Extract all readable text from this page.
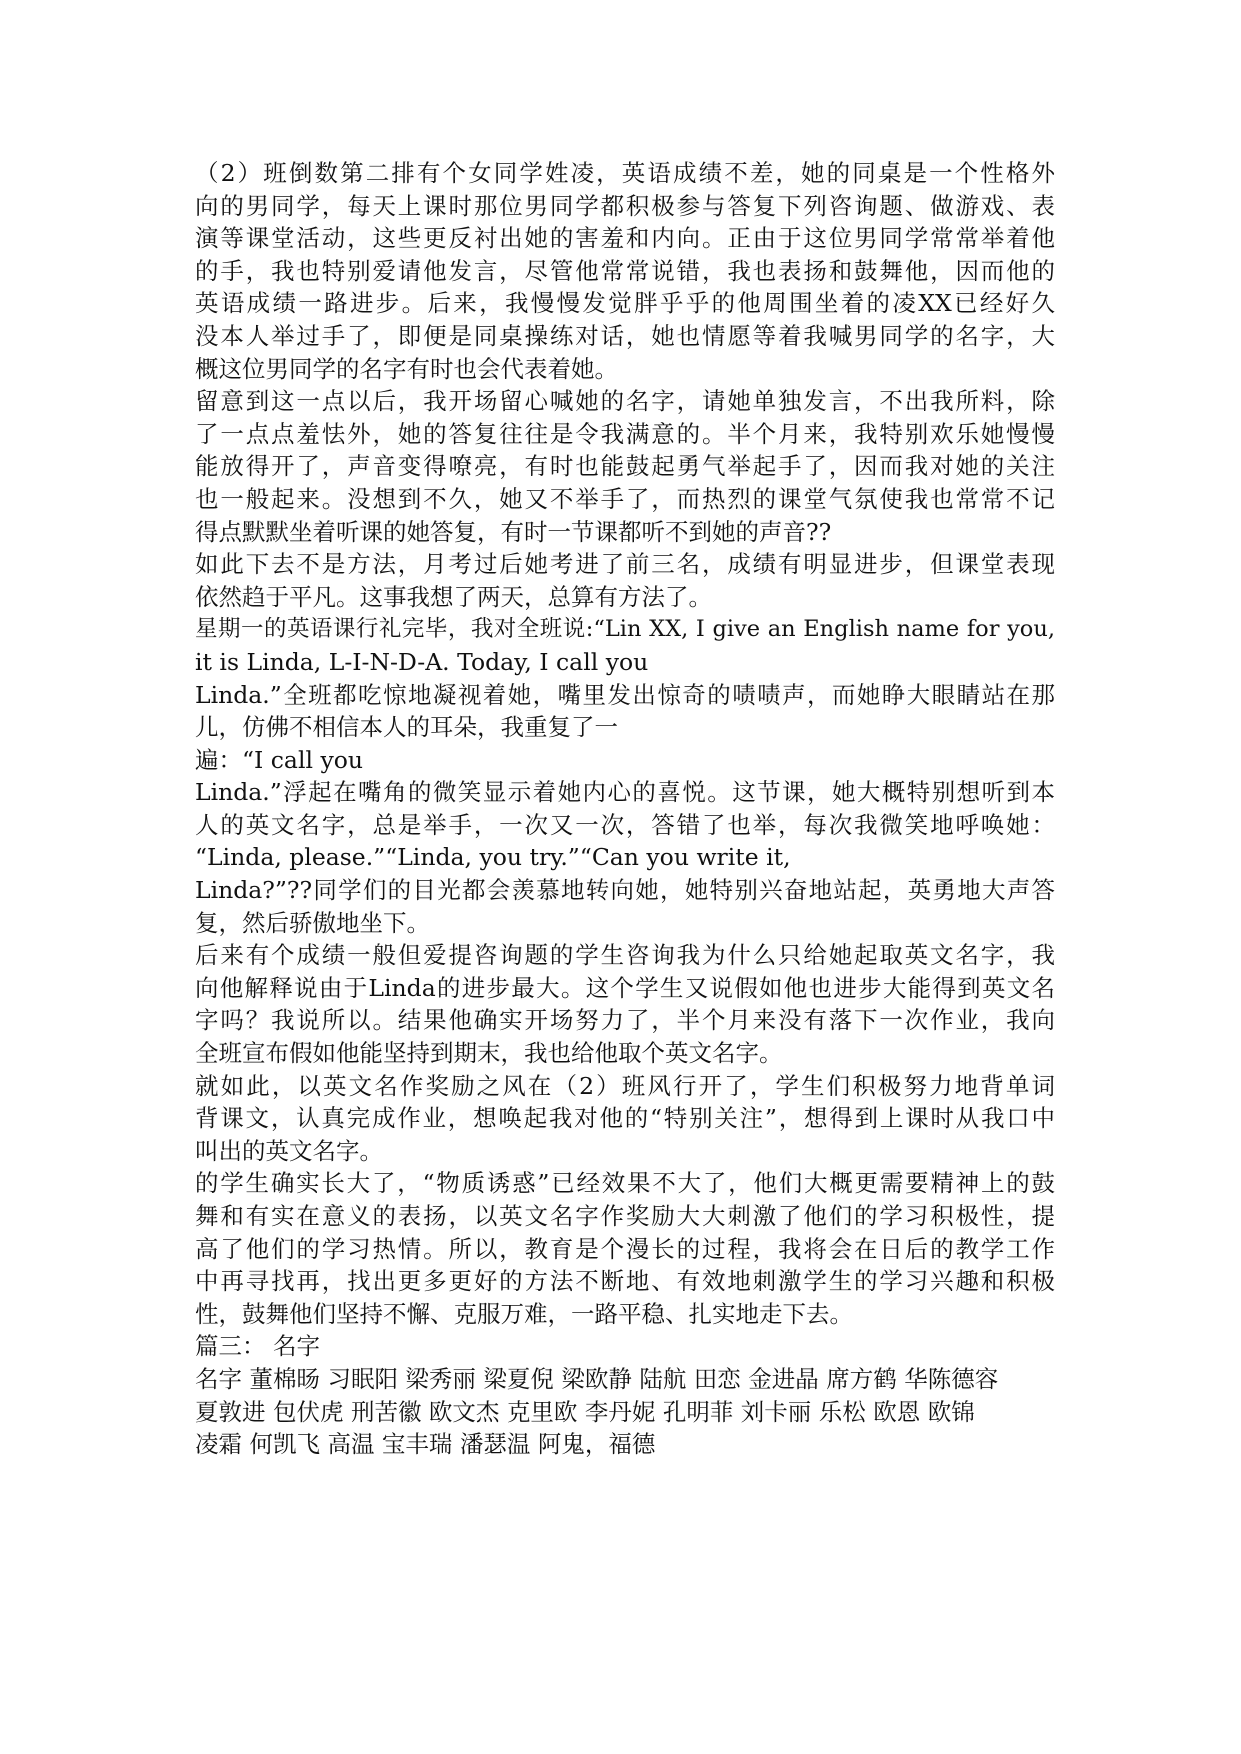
（2）班倒数第二排有个女同学姓凌，英语成绩不差，她的同桌是一个性格外
向的男同学，每天上课时那位男同学都积极参与答复下列咨询题、做游戏、表
演等课堂活动，这些更反衬出她的害羞和内向。正由于这位男同学常常举着他
的手，我也特别爱请他发言，尽管他常常说错，我也表扬和鼓舞他，因而他的
英语成绩一路进步。后来，我慢慢发觉胖乎乎的他周围坐着的凌XX已经好久
没本人举过手了，即便是同桌操练对话，她也情愿等着我喊男同学的名字，大
概这位男同学的名字有时也会代表着她。
留意到这一点以后，我开场留心喊她的名字，请她单独发言，不出我所料，除
了一点点羞怯外，她的答复往往是令我满意的。半个月来，我特别欢乐她慢慢
能放得开了，声音变得嘹亮，有时也能鼓起勇气举起手了，因而我对她的关注
也一般起来。没想到不久，她又不举手了，而热烈的课堂气氛使我也常常不记
得点默默坐着听课的她答复，有时一节课都听不到她的声音??
如此下去不是方法，月考过后她考进了前三名，成绩有明显进步，但课堂表现
依然趋于平凡。这事我想了两天，总算有方法了。
星期一的英语课行礼完毕，我对全班说:“Lin XX, I give an English name for you,
it is Linda, L-I-N-D-A. Today, I call you
Linda.”全班都吃惊地凝视着她，嘴里发出惊奇的啧啧声，而她睁大眼睛站在那
儿，仿佛不相信本人的耳朵，我重复了一
遍：“I call you
Linda.”浮起在嘴角的微笑显示着她内心的喜悦。这节课，她大概特别想听到本
人的英文名字，总是举手，一次又一次，答错了也举，每次我微笑地呼唤她：
“Linda, please.”“Linda, you try.”“Can you write it,
Linda?”??同学们的目光都会羡慕地转向她，她特别兴奋地站起，英勇地大声答
复，然后骄傲地坐下。
后来有个成绩一般但爱提咨询题的学生咨询我为什么只给她起取英文名字，我
向他解释说由于Linda的进步最大。这个学生又说假如他也进步大能得到英文名
字吗？我说所以。结果他确实开场努力了，半个月来没有落下一次作业，我向
全班宣布假如他能坚持到期末，我也给他取个英文名字。
就如此，以英文名作奖励之风在（2）班风行开了，学生们积极努力地背单词
背课文，认真完成作业，想唤起我对他的“特别关注”，想得到上课时从我口中
叫出的英文名字。
的学生确实长大了，“物质诱惑”已经效果不大了，他们大概更需要精神上的鼓
舞和有实在意义的表扬，以英文名字作奖励大大刺激了他们的学习积极性，提
高了他们的学习热情。所以，教育是个漫长的过程，我将会在日后的教学工作
中再寻找再，找出更多更好的方法不断地、有效地刺激学生的学习兴趣和积极
性，鼓舞他们坚持不懈、克服万难，一路平稳、扎实地走下去。
篇三： 名字
名字 董棉旸 习眠阳 梁秀丽 梁夏倪 梁欧静 陆航 田恋 金进晶 席方鹤 华陈德容
夏敦进 包伏虎 刑苦徽 欧文杰 克里欧 李丹妮 孔明菲 刘卡丽 乐松 欧恩 欧锦
凌霜 何凯飞 高温 宝丰瑞 潘瑟温 阿鬼，福德
